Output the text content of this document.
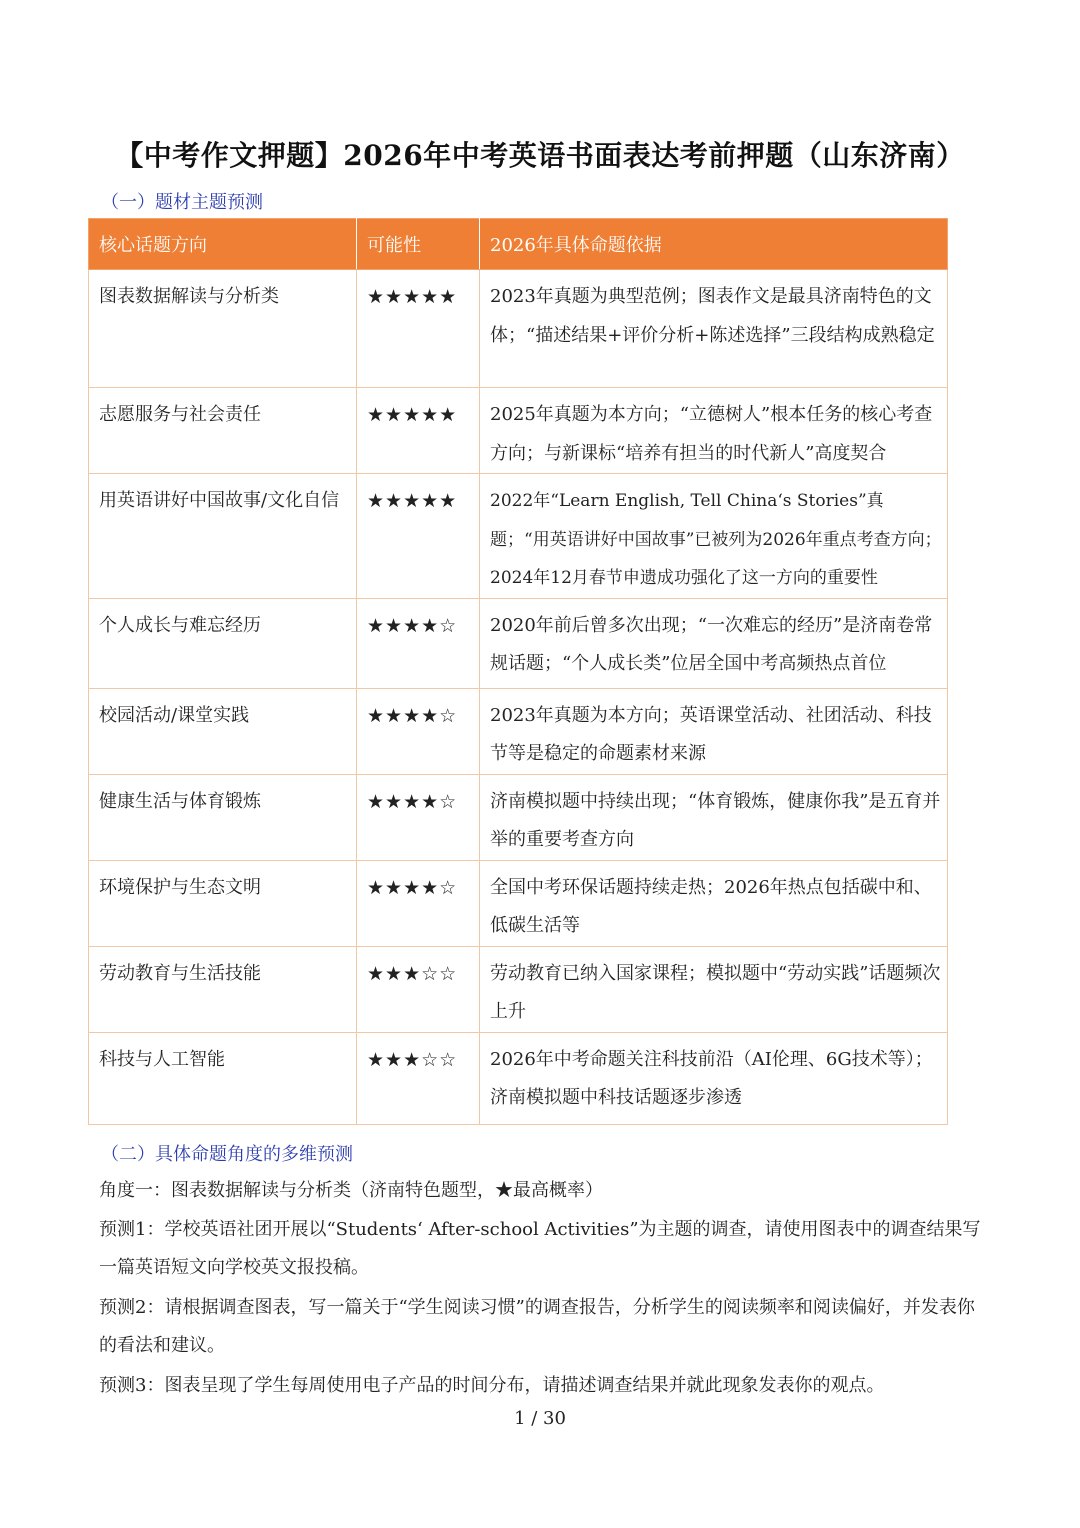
【中考作文押题】2026年中考英语书面表达考前押题（山东济南）
（一）题材主题预测
核心话题方向	可能性	2026年具体命题依据
图表数据解读与分析类	★★★★★	2023年真题为典型范例；图表作文是最具济南特色的文体；“描述结果+评价分析+陈述选择”三段结构成熟稳定
志愿服务与社会责任	★★★★★	2025年真题为本方向；“立德树人”根本任务的核心考查方向；与新课标“培养有担当的时代新人”高度契合
用英语讲好中国故事/文化自信	★★★★★	2022年“Learn English, Tell China‘s Stories”真题；“用英语讲好中国故事”已被列为2026年重点考查方向；2024年12月春节申遗成功强化了这一方向的重要性
个人成长与难忘经历	★★★★☆	2020年前后曾多次出现；“一次难忘的经历”是济南卷常规话题；“个人成长类”位居全国中考高频热点首位
校园活动/课堂实践	★★★★☆	2023年真题为本方向；英语课堂活动、社团活动、科技节等是稳定的命题素材来源
健康生活与体育锻炼	★★★★☆	济南模拟题中持续出现；“体育锻炼，健康你我”是五育并举的重要考查方向
环境保护与生态文明	★★★★☆	全国中考环保话题持续走热；2026年热点包括碳中和、低碳生活等
劳动教育与生活技能	★★★☆☆	劳动教育已纳入国家课程；模拟题中“劳动实践”话题频次上升
科技与人工智能	★★★☆☆	2026年中考命题关注科技前沿（AI伦理、6G技术等）；济南模拟题中科技话题逐步渗透
（二）具体命题角度的多维预测
角度一：图表数据解读与分析类（济南特色题型，★最高概率）
预测1：学校英语社团开展以“Students‘ After-school Activities”为主题的调查，请使用图表中的调查结果写一篇英语短文向学校英文报投稿。
预测2：请根据调查图表，写一篇关于“学生阅读习惯”的调查报告，分析学生的阅读频率和阅读偏好，并发表你的看法和建议。
预测3：图表呈现了学生每周使用电子产品的时间分布，请描述调查结果并就此现象发表你的观点。
1 / 30
